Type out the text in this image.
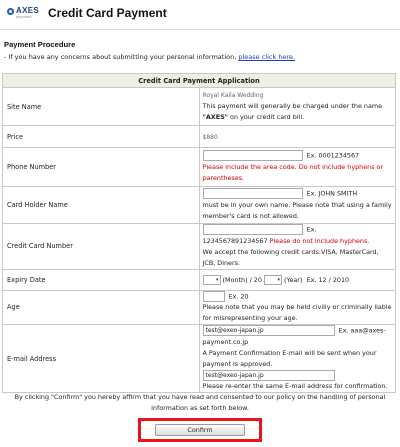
AXES
payment Credit Card Payment
Payment Procedure
- If you have any concerns about submitting your personal information, please click here.
Credit Card Payment Application	
Site Name	Royal Kaila Wedding
This payment will generally be charged under the name "AXES" on your credit card bill.

Price	$880
Phone Number	Ex. 0001234567
Please include the area code. Do not include hyphens or parentheses.

Card Holder Name	Ex. JOHN SMITH
must be in your own name. Please note that using a family member's card is not allowed.

Credit Card Number	Ex. 1234567891234567 Please do not include hyphens.
We accept the following credit cards:VISA, MasterCard, JCB, Diners.

Expiry Date	▾ (Month) / 20 ▾ (Year) Ex. 12 / 2010
Age	Ex. 20
Please note that you may be held civilly or criminally liable for misrepresenting your age.

E-mail Address	test@exeo-japan.jp Ex. aaa@axes-payment.co.jp
A Payment Confirmation E-mail will be sent when your payment is approved.
test@exeo-japan.jp
Please re-enter the same E-mail address for confirmation.
By clicking "Confirm" you hereby affirm that you have read and consented to our policy on the handling of personal
information as set forth below.
Confirm
